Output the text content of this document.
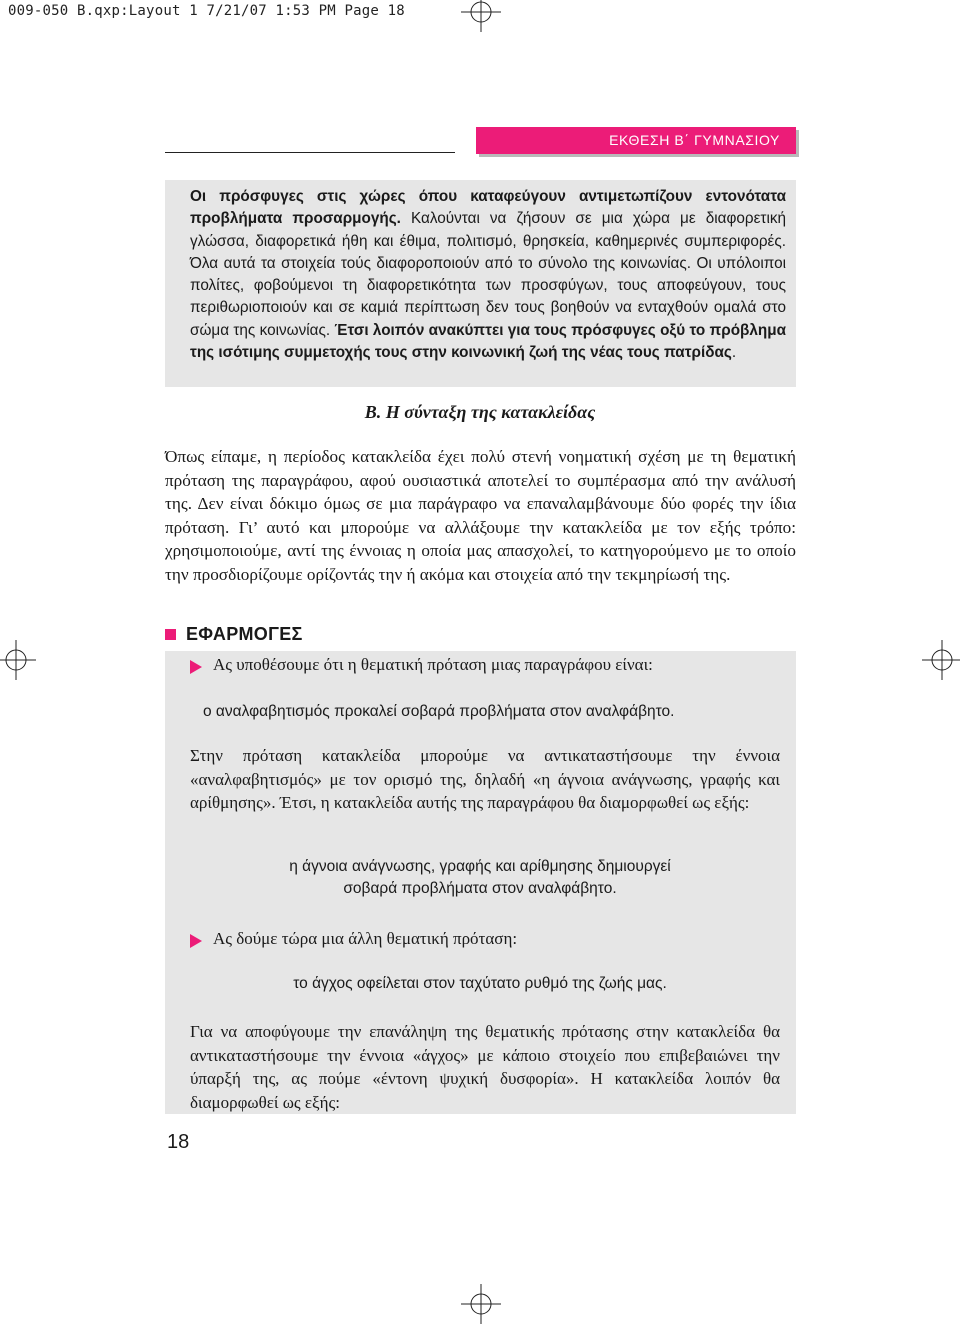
009-050 B.qxp:Layout 1 7/21/07 1:53 PM Page 18
ΕΚΘΕΣΗ Β΄ ΓΥΜΝΑΣΙΟΥ
Οι πρόσφυγες στις χώρες όπου καταφεύγουν αντιμετωπίζουν εντονότατα προβλήματα προσαρμογής. Καλούνται να ζήσουν σε μια χώρα με διαφορετική γλώσσα, διαφορετικά ήθη και έθιμα, πολιτισμό, θρησκεία, καθημερινές συμπεριφορές. Όλα αυτά τα στοιχεία τούς διαφοροποιούν από το σύνολο της κοινωνίας. Οι υπόλοιποι πολίτες, φοβούμενοι τη διαφορετικότητα των προσφύγων, τους αποφεύγουν, τους περιθωριοποιούν και σε καμιά περίπτωση δεν τους βοηθούν να ενταχθούν ομαλά στο σώμα της κοινωνίας. Έτσι λοιπόν ανακύπτει για τους πρόσφυγες οξύ το πρόβλημα της ισότιμης συμμετοχής τους στην κοινωνική ζωή της νέας τους πατρίδας.
Β. Η σύνταξη της κατακλείδας
Όπως είπαμε, η περίοδος κατακλείδα έχει πολύ στενή νοηματική σχέση με τη θεματική πρόταση της παραγράφου, αφού ουσιαστικά αποτελεί το συμπέρασμα από την ανάλυσή της. Δεν είναι δόκιμο όμως σε μια παράγραφο να επαναλαμβάνουμε δύο φορές την ίδια πρόταση. Γι’ αυτό και μπορούμε να αλλάξουμε την κατακλείδα με τον εξής τρόπο: χρησιμοποιούμε, αντί της έννοιας η οποία μας απασχολεί, το κατηγορούμενο με το οποίο την προσδιορίζουμε ορίζοντάς την ή ακόμα και στοιχεία από την τεκμηρίωσή της.
ΕΦΑΡΜΟΓΕΣ
Ας υποθέσουμε ότι η θεματική πρόταση μιας παραγράφου είναι:
ο αναλφαβητισμός προκαλεί σοβαρά προβλήματα στον αναλφάβητο.
Στην πρόταση κατακλείδα μπορούμε να αντικαταστήσουμε την έννοια «αναλφαβητισμός» με τον ορισμό της, δηλαδή «η άγνοια ανάγνωσης, γραφής και αρίθμησης». Έτσι, η κατακλείδα αυτής της παραγράφου θα διαμορφωθεί ως εξής:
η άγνοια ανάγνωσης, γραφής και αρίθμησης δημιουργεί
σοβαρά προβλήματα στον αναλφάβητο.
Ας δούμε τώρα μια άλλη θεματική πρόταση:
το άγχος οφείλεται στον ταχύτατο ρυθμό της ζωής μας.
Για να αποφύγουμε την επανάληψη της θεματικής πρότασης στην κατακλείδα θα αντικαταστήσουμε την έννοια «άγχος» με κάποιο στοιχείο που επιβεβαιώνει την ύπαρξή της, ας πούμε «έντονη ψυχική δυσφορία». Η κατακλείδα λοιπόν θα διαμορφωθεί ως εξής:
18
